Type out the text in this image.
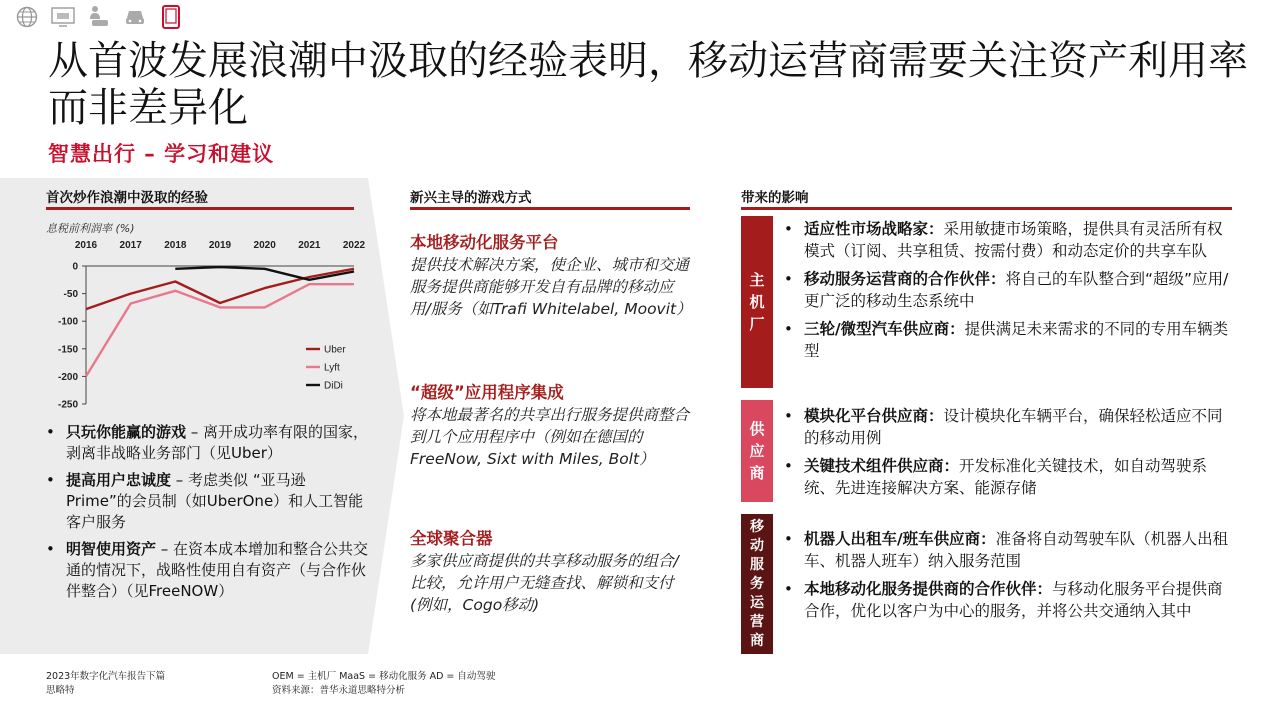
从首波发展浪潮中汲取的经验表明，移动运营商需要关注资产利用率而非差异化
智慧出行 – 学习和建议
首次炒作浪潮中汲取的经验
息税前利润率 (%)
0
-50
-100
-150
-200
-250
2016 2017 2018 2019 2020 2021 2022
Uber
Lyft
DiDi
• 只玩你能赢的游戏 – 离开成功率有限的国家，剥离非战略业务部门（见Uber）
• 提高用户忠诚度 – 考虑类似 “亚马逊Prime”的会员制（如UberOne）和人工智能客户服务
• 明智使用资产 – 在资本成本增加和整合公共交通的情况下，战略性使用自有资产（与合作伙伴整合）（见FreeNOW）
新兴主导的游戏方式
本地移动化服务平台

提供技术解决方案，使企业、城市和交通服务提供商能够开发自有品牌的移动应用/服务（如Trafi Whitelabel, Moovit）

“超级”应用程序集成

将本地最著名的共享出行服务提供商整合到几个应用程序中（例如在德国的FreeNow, Sixt with Miles, Bolt）

全球聚合器

多家供应商提供的共享移动服务的组合/比较，允许用户无缝查找、解锁和支付(例如，Cogo移动)

带来的影响
主
机
厂
• 适应性市场战略家：采用敏捷市场策略，提供具有灵活所有权模式（订阅、共享租赁、按需付费）和动态定价的共享车队
• 移动服务运营商的合作伙伴：将自己的车队整合到“超级”应用/更广泛的移动生态系统中
• 三轮/微型汽车供应商：提供满足未来需求的不同的专用车辆类型
供
应
商
• 模块化平台供应商：设计模块化车辆平台，确保轻松适应不同的移动用例
• 关键技术组件供应商：开发标准化关键技术，如自动驾驶系统、先进连接解决方案、能源存储
移
动
服
务
运
营
商
• 机器人出租车/班车供应商：准备将自动驾驶车队（机器人出租车、机器人班车）纳入服务范围
• 本地移动化服务提供商的合作伙伴：与移动化服务平台提供商合作，优化以客户为中心的服务，并将公共交通纳入其中
2023年数字化汽车报告下篇
思略特
OEM = 主机厂 MaaS = 移动化服务 AD = 自动驾驶
资料来源：普华永道思略特分析
